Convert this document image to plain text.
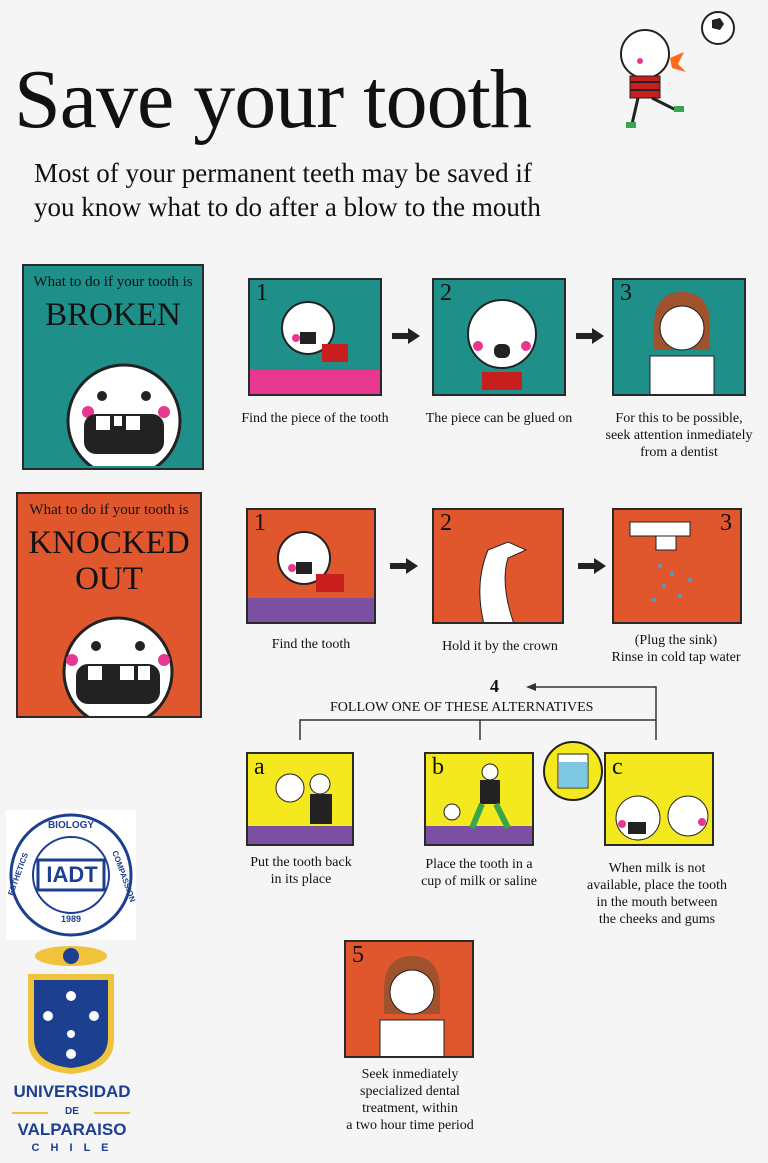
Save your tooth
Most of your permanent teeth may be saved if
you know what to do after a blow to the mouth
What to do if your tooth is
BROKEN
1
Find the piece of the tooth
2
The piece can be glued on
3
For this to be possible,
seek attention inmediately
from a dentist
What to do if your tooth is
KNOCKED
OUT
1
Find the tooth
2
Hold it by the crown
3
(Plug the sink)
Rinse in cold tap water
4
FOLLOW ONE OF THESE ALTERNATIVES
a
Put the tooth back
in its place
b
Place the tooth in a
cup of milk or saline
c
When milk is not
available, place the tooth
in the mouth between
the cheeks and gums
5
Seek inmediately
specialized dental
treatment, within
a two hour time period
IADT
BIOLOGY
ESTHETICS	COMPASSION
1989
UNIVERSIDAD
DE
VALPARAISO
C H I L E
